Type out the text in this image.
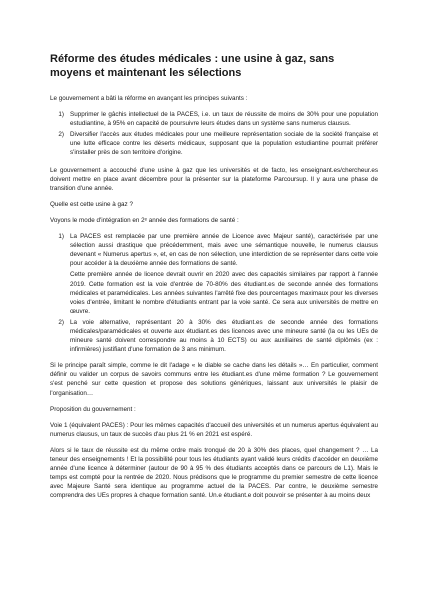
Réforme des études médicales : une usine à gaz, sans moyens et maintenant les sélections

Le gouvernement a bâti la réforme en avançant les principes suivants :

1) Supprimer le gâchis intellectuel de la PACES, i.e. un taux de réussite de moins de 30% pour une population estudiantine, à 95% en capacité de poursuivre leurs études dans un système sans numerus clausus.
2) Diversifier l'accès aux études médicales pour une meilleure représentation sociale de la société française et une lutte efficace contre les déserts médicaux, supposant que la population estudiantine pourrait préférer s'installer près de son territoire d'origine.

Le gouvernement a accouché d'une usine à gaz que les universités et de facto, les enseignant.es/chercheur.es doivent mettre en place avant décembre pour la présenter sur la plateforme Parcoursup. Il y aura une phase de transition d'une année.

Quelle est cette usine à gaz ?

Voyons le mode d'intégration en 2ᵉ année des formations de santé :

1) La PACES est remplacée par une première année de Licence avec Majeur santé), caractérisée par une sélection aussi drastique que précédemment, mais avec une sémantique nouvelle, le numerus clausus devenant « Numerus apertus », et, en cas de non sélection, une interdiction de se représenter dans cette voie pour accéder à la deuxième année des formations de santé.

Cette première année de licence devrait ouvrir en 2020 avec des capacités similaires par rapport à l'année 2019. Cette formation est la voie d'entrée de 70-80% des étudiant.es de seconde année des formations médicales et paramédicales. Les années suivantes l'arrêté fixe des pourcentages maximaux pour les diverses voies d'entrée, limitant le nombre d'étudiants entrant par la voie santé. Ce sera aux universités de mettre en œuvre.

2) La voie alternative, représentant 20 à 30% des étudiant.es de seconde année des formations médicales/paramédicales et ouverte aux étudiant.es des licences avec une mineure santé (la ou les UEs de mineure santé doivent correspondre au moins à 10 ECTS) ou aux auxiliaires de santé diplômés (ex : infirmières) justifiant d'une formation de 3 ans minimum.

Si le principe paraît simple, comme le dit l'adage « le diable se cache dans les détails »… En particulier, comment définir ou valider un corpus de savoirs communs entre les étudiant.es d'une même formation ? Le gouvernement s'est penché sur cette question et propose des solutions génériques, laissant aux universités le plaisir de l'organisation…

Proposition du gouvernement :

Voie 1 (équivalent PACES) : Pour les mêmes capacités d'accueil des universités et un numerus apertus équivalent au numerus clausus, un taux de succès d'au plus 21 % en 2021 est espéré.

Alors si le taux de réussite est du même ordre mais tronqué de 20 à 30% des places, quel changement ? … La teneur des enseignements ! Et la possibilité pour tous les étudiants ayant validé leurs crédits d'accéder en deuxième année d'une licence à déterminer (autour de 90 à 95 % des étudiants acceptés dans ce parcours de L1). Mais le temps est compté pour la rentrée de 2020. Nous prédisons que le programme du premier semestre de cette licence avec Majeure Santé sera identique au programme actuel de la PACES. Par contre, le deuxième semestre comprendra des UEs propres à chaque formation santé. Un.e étudiant.e doit pouvoir se présenter à au moins deux
